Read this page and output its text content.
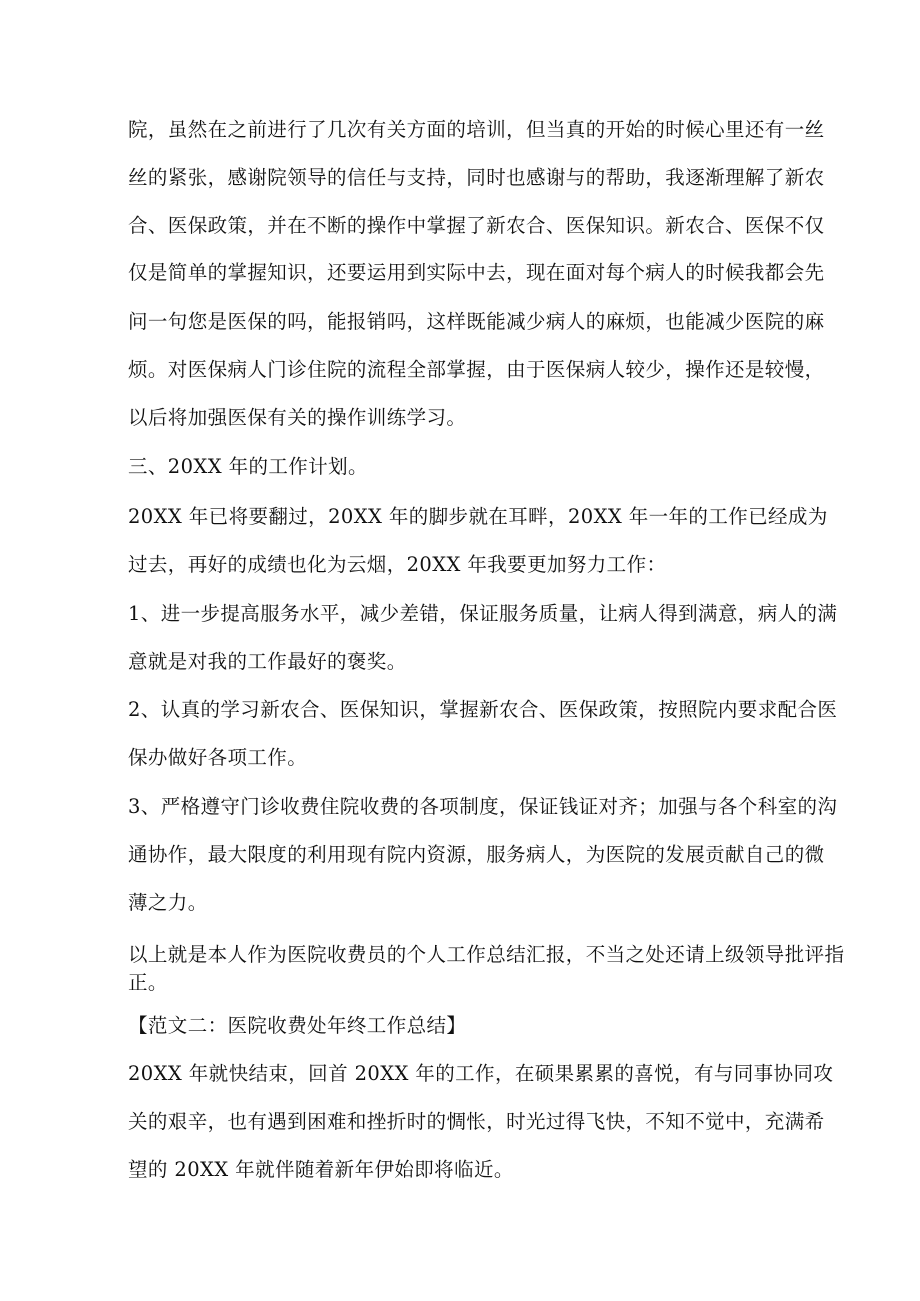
院，虽然在之前进行了几次有关方面的培训，但当真的开始的时候心里还有一丝
丝的紧张，感谢院领导的信任与支持，同时也感谢与的帮助，我逐渐理解了新农
合、医保政策，并在不断的操作中掌握了新农合、医保知识。新农合、医保不仅
仅是简单的掌握知识，还要运用到实际中去，现在面对每个病人的时候我都会先
问一句您是医保的吗，能报销吗，这样既能减少病人的麻烦，也能减少医院的麻
烦。对医保病人门诊住院的流程全部掌握，由于医保病人较少，操作还是较慢，
以后将加强医保有关的操作训练学习。
三、20XX 年的工作计划。
20XX 年已将要翻过，20XX 年的脚步就在耳畔，20XX 年一年的工作已经成为
过去，再好的成绩也化为云烟，20XX 年我要更加努力工作：
1、进一步提高服务水平，减少差错，保证服务质量，让病人得到满意，病人的满
意就是对我的工作最好的褒奖。
2、认真的学习新农合、医保知识，掌握新农合、医保政策，按照院内要求配合医
保办做好各项工作。
3、严格遵守门诊收费住院收费的各项制度，保证钱证对齐；加强与各个科室的沟
通协作，最大限度的利用现有院内资源，服务病人，为医院的发展贡献自己的微
薄之力。
以上就是本人作为医院收费员的个人工作总结汇报，不当之处还请上级领导批评指
正。
【范文二：医院收费处年终工作总结】
20XX 年就快结束，回首 20XX 年的工作，在硕果累累的喜悦，有与同事协同攻
关的艰辛，也有遇到困难和挫折时的惆怅，时光过得飞快，不知不觉中，充满希
望的 20XX 年就伴随着新年伊始即将临近。
